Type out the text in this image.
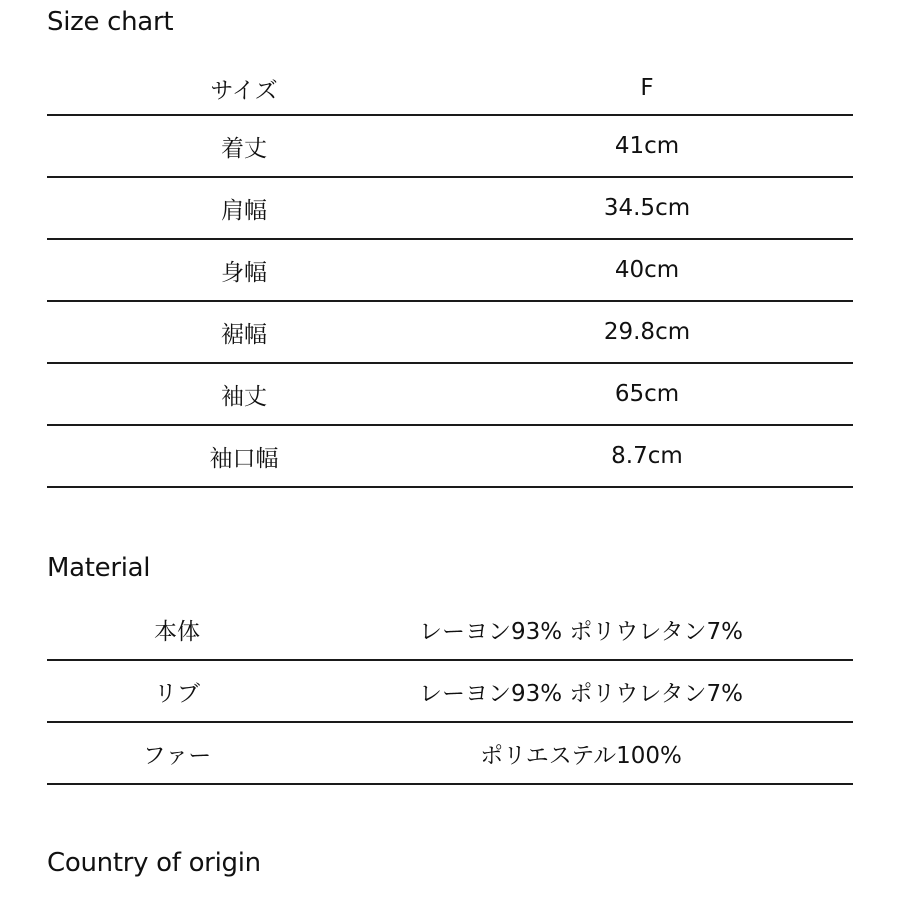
Size chart
サイズ	F
着丈	41cm
肩幅	34.5cm
身幅	40cm
裾幅	29.8cm
袖丈	65cm
袖口幅	8.7cm
Material
本体	レーヨン93% ポリウレタン7%
リブ	レーヨン93% ポリウレタン7%
ファー	ポリエステル100%
Country of origin
